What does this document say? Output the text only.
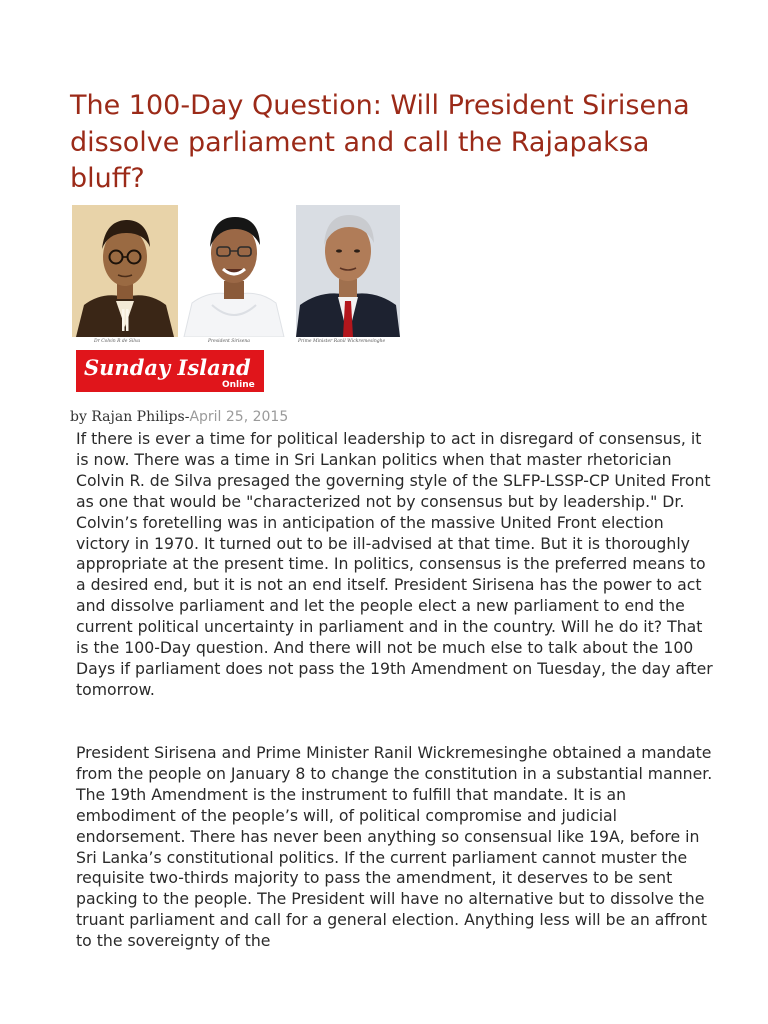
The 100-Day Question: Will President Sirisena dissolve parliament and call the Rajapaksa bluff?
Dr Colvin R de Silva	President Sirisena	Prime Minister Ranil Wickremesinghe
Sunday Island
Online
by Rajan Philips-April 25, 2015

If there is ever a time for political leadership to act in disregard of consensus, it is now. There was a time in Sri Lankan politics when that master rhetorician Colvin R. de Silva presaged the governing style of the SLFP-LSSP-CP United Front as one that would be "characterized not by consensus but by leadership." Dr. Colvin’s foretelling was in anticipation of the massive United Front election victory in 1970. It turned out to be ill-advised at that time. But it is thoroughly appropriate at the present time. In politics, consensus is the preferred means to a desired end, but it is not an end itself. President Sirisena has the power to act and dissolve parliament and let the people elect a new parliament to end the current political uncertainty in parliament and in the country. Will he do it? That is the 100-Day question. And there will not be much else to talk about the 100 Days if parliament does not pass the 19th Amendment on Tuesday, the day after tomorrow.

President Sirisena and Prime Minister Ranil Wickremesinghe obtained a mandate from the people on January 8 to change the constitution in a substantial manner. The 19th Amendment is the instrument to fulfill that mandate. It is an embodiment of the people’s will, of political compromise and judicial endorsement. There has never been anything so consensual like 19A, before in Sri Lanka’s constitutional politics. If the current parliament cannot muster the requisite two-thirds majority to pass the amendment, it deserves to be sent packing to the people. The President will have no alternative but to dissolve the truant parliament and call for a general election. Anything less will be an affront to the sovereignty of the
